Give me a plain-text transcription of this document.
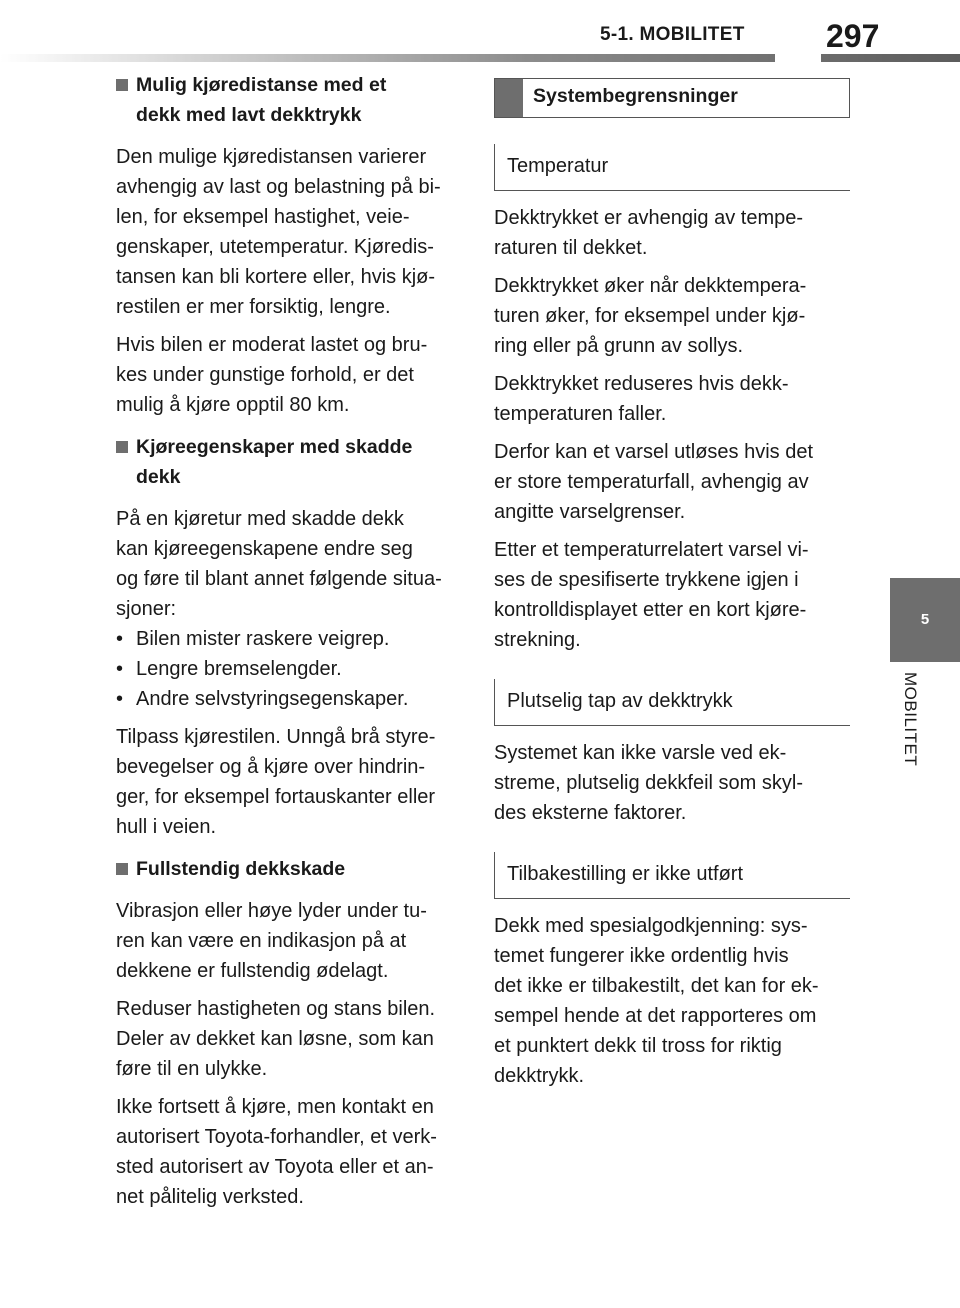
5-1. MOBILITET	297
5
MOBILITET
Mulig kjøredistanse med et
dekk med lavt dekktrykk
Den mulige kjøredistansen varierer
avhengig av last og belastning på bi-
len, for eksempel hastighet, veie-
genskaper, utetemperatur. Kjøredis-
tansen kan bli kortere eller, hvis kjø-
restilen er mer forsiktig, lengre.
Hvis bilen er moderat lastet og bru-
kes under gunstige forhold, er det
mulig å kjøre opptil 80 km.
Kjøreegenskaper med skadde
dekk
På en kjøretur med skadde dekk
kan kjøreegenskapene endre seg
og føre til blant annet følgende situa-
sjoner:
• Bilen mister raskere veigrep.
• Lengre bremselengder.
• Andre selvstyringsegenskaper.
Tilpass kjørestilen. Unngå brå styre-
bevegelser og å kjøre over hindrin-
ger, for eksempel fortauskanter eller
hull i veien.
Fullstendig dekkskade
Vibrasjon eller høye lyder under tu-
ren kan være en indikasjon på at
dekkene er fullstendig ødelagt.
Reduser hastigheten og stans bilen.
Deler av dekket kan løsne, som kan
føre til en ulykke.
Ikke fortsett å kjøre, men kontakt en
autorisert Toyota-forhandler, et verk-
sted autorisert av Toyota eller et an-
net pålitelig verksted.
Systembegrensninger
Temperatur
Dekktrykket er avhengig av tempe-
raturen til dekket.
Dekktrykket øker når dekktempera-
turen øker, for eksempel under kjø-
ring eller på grunn av sollys.
Dekktrykket reduseres hvis dekk-
temperaturen faller.
Derfor kan et varsel utløses hvis det
er store temperaturfall, avhengig av
angitte varselgrenser.
Etter et temperaturrelatert varsel vi-
ses de spesifiserte trykkene igjen i
kontrolldisplayet etter en kort kjøre-
strekning.
Plutselig tap av dekktrykk
Systemet kan ikke varsle ved ek-
streme, plutselig dekkfeil som skyl-
des eksterne faktorer.
Tilbakestilling er ikke utført
Dekk med spesialgodkjenning: sys-
temet fungerer ikke ordentlig hvis
det ikke er tilbakestilt, det kan for ek-
sempel hende at det rapporteres om
et punktert dekk til tross for riktig
dekktrykk.
